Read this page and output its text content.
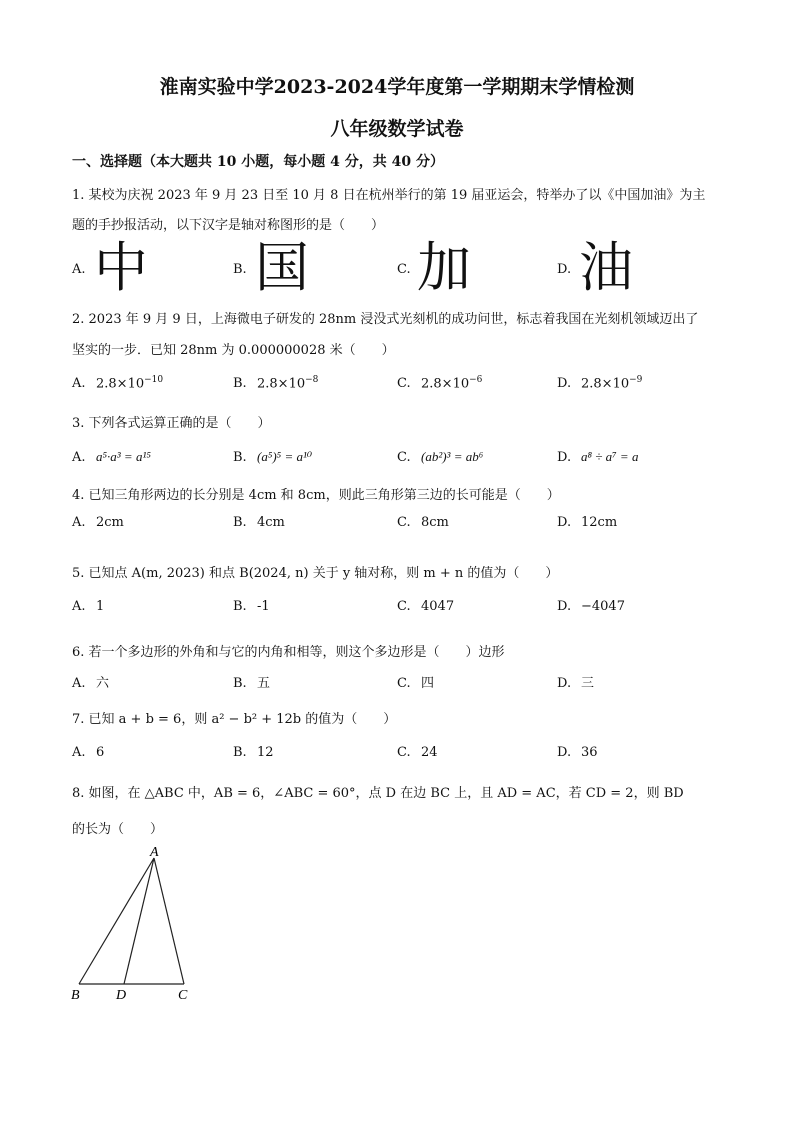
淮南实验中学2023-2024学年度第一学期期末学情检测
八年级数学试卷
一、选择题（本大题共 10 小题，每小题 4 分，共 40 分）
1. 某校为庆祝 2023 年 9 月 23 日至 10 月 8 日在杭州举行的第 19 届亚运会，特举办了以《中国加油》为主
题的手抄报活动，以下汉字是轴对称图形的是（　　）
A. 中	B. 国	C. 加	D. 油
2. 2023 年 9 月 9 日，上海微电子研发的 28nm 浸没式光刻机的成功问世，标志着我国在光刻机领域迈出了
坚实的一步．已知 28nm 为 0.000000028 米（　　）
A. $2.8\times 10^{-10}$	B. $2.8\times 10^{-8}$	C. $2.8\times 10^{-6}$	D. $2.8\times 10^{-9}$
3. 下列各式运算正确的是（　　）
A. a⁵·a³ = a¹⁵	B. (a⁵)⁵ = a¹⁰	C. (ab²)³ = ab⁶	D. a⁸ ÷ a⁷ = a
4. 已知三角形两边的长分别是 4cm 和 8cm，则此三角形第三边的长可能是（　　）
A. 2cm	B. 4cm	C. 8cm	D. 12cm
5. 已知点 A(m, 2023) 和点 B(2024, n) 关于 y 轴对称，则 m + n 的值为（　　）
A. 1	B. -1	C. 4047	D. −4047
6. 若一个多边形的外角和与它的内角和相等，则这个多边形是（　　）边形
A. 六	B. 五	C. 四	D. 三
7. 已知 a + b = 6，则 a² − b² + 12b 的值为（　　）
A. 6	B. 12	C. 24	D. 36
8. 如图，在 △ABC 中，AB = 6，∠ABC = 60°，点 D 在边 BC 上，且 AD = AC，若 CD = 2，则 BD
的长为（　　）
A
B	D	C
